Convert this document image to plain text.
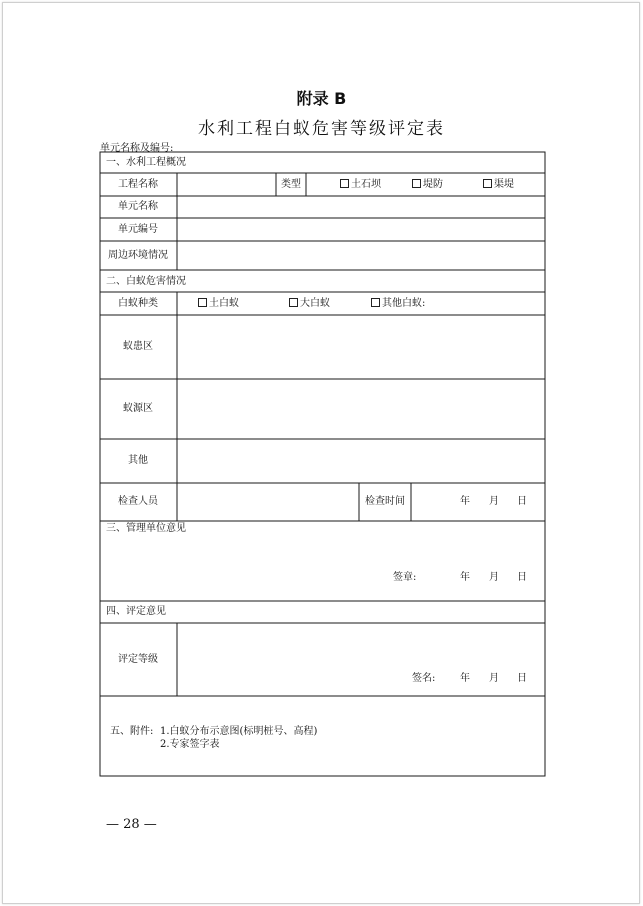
附录 B
水利工程白蚁危害等级评定表
单元名称及编号:
一、水利工程概况
工程名称	类型	土石坝	堤防	渠堤
单元名称
单元编号
周边环境情况
二、白蚁危害情况
白蚁种类	土白蚁	大白蚁	其他白蚁:
蚁患区
蚁源区
其他
检查人员	检查时间	年 月 日
三、管理单位意见
签章:	年 月 日
四、评定意见
评定等级
签名: 年 月 日
五、附件: 1.白蚁分布示意图(标明桩号、高程)
2.专家签字表
— 28 —
